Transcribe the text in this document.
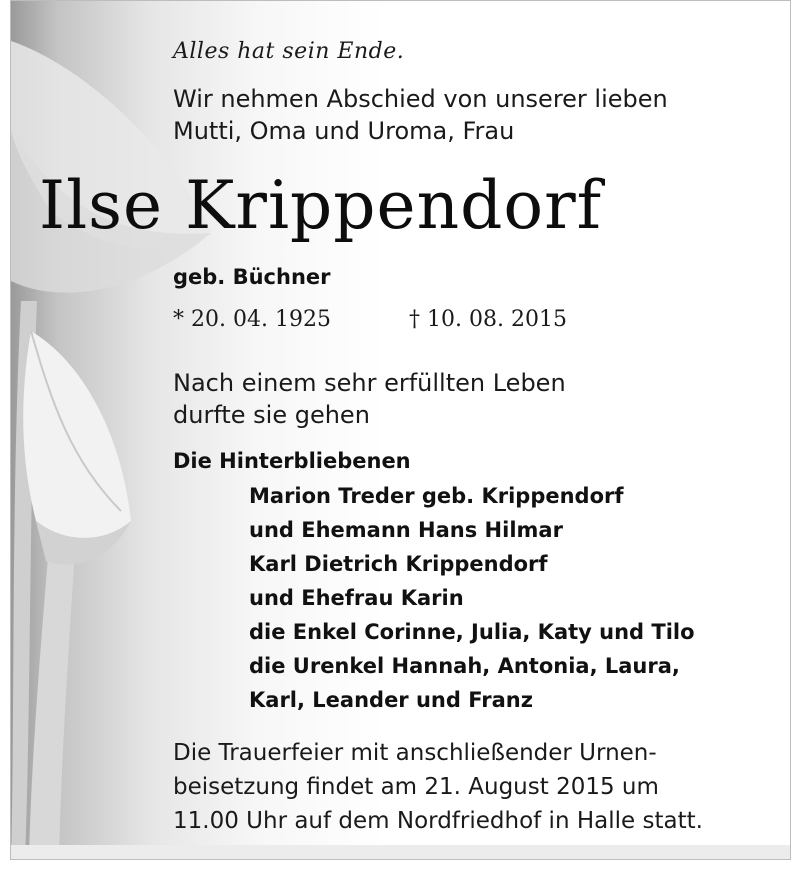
Alles hat sein Ende.
Wir nehmen Abschied von unserer lieben
Mutti, Oma und Uroma, Frau
Ilse Krippendorf
geb. Büchner
* 20. 04. 1925	† 10. 08. 2015
Nach einem sehr erfüllten Leben
durfte sie gehen
Die Hinterbliebenen
Marion Treder geb. Krippendorf
und Ehemann Hans Hilmar
Karl Dietrich Krippendorf
und Ehefrau Karin
die Enkel Corinne, Julia, Katy und Tilo
die Urenkel Hannah, Antonia, Laura,
Karl, Leander und Franz
Die Trauerfeier mit anschließender Urnen-
beisetzung findet am 21. August 2015 um
11.00 Uhr auf dem Nordfriedhof in Halle statt.
